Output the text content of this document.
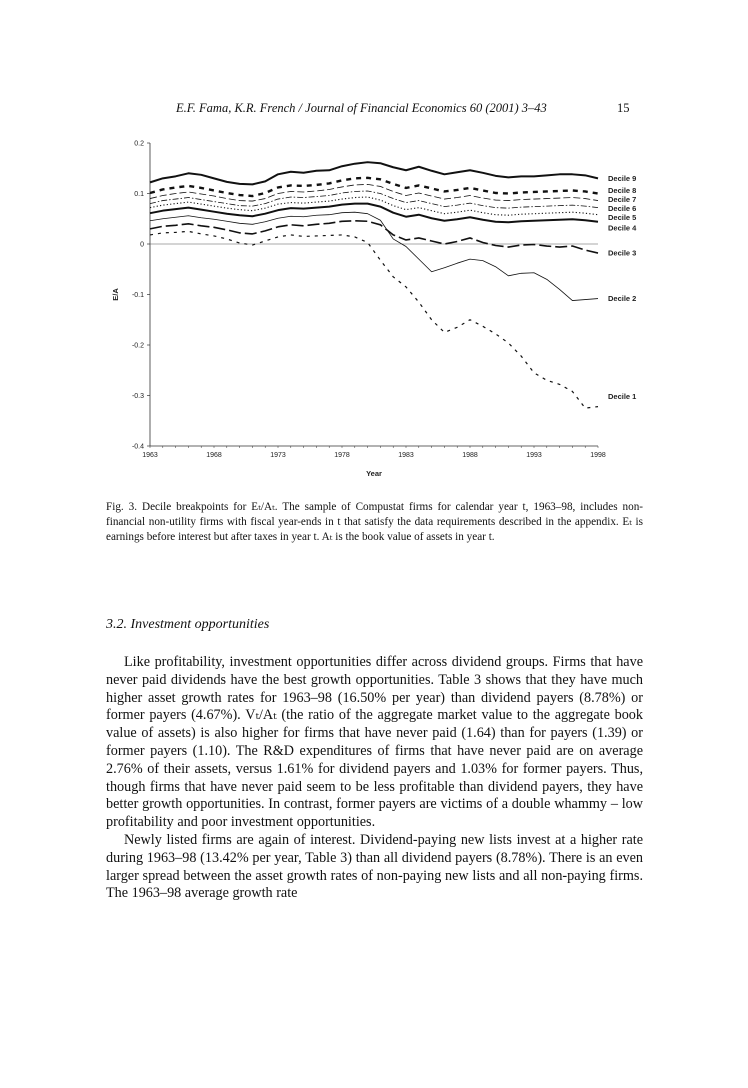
E.F. Fama, K.R. French / Journal of Financial Economics 60 (2001) 3–43	15
0.2
0.1
0
-0.1
-0.2
-0.3
-0.4
1963	1968	1973	1978	1983	1988	1993	1998
Year
E/A
Decile 9
Decile 8
Decile 7
Decile 6
Decile 5
Decile 4
Decile 3
Decile 2
Decile 1
Fig. 3. Decile breakpoints for Eₜ/Aₜ. The sample of Compustat firms for calendar year t, 1963–98, includes non-financial non-utility firms with fiscal year-ends in t that satisfy the data requirements described in the appendix. Eₜ is earnings before interest but after taxes in year t. Aₜ is the book value of assets in year t.
3.2. Investment opportunities

Like profitability, investment opportunities differ across dividend groups. Firms that have never paid dividends have the best growth opportunities. Table 3 shows that they have much higher asset growth rates for 1963–98 (16.50% per year) than dividend payers (8.78%) or former payers (4.67%). Vₜ/Aₜ (the ratio of the aggregate market value to the aggregate book value of assets) is also higher for firms that have never paid (1.64) than for payers (1.39) or former payers (1.10). The R&D expenditures of firms that have never paid are on average 2.76% of their assets, versus 1.61% for dividend payers and 1.03% for former payers. Thus, though firms that have never paid seem to be less profitable than dividend payers, they have better growth opportunities. In contrast, former payers are victims of a double whammy – low profitability and poor investment opportunities.

Newly listed firms are again of interest. Dividend-paying new lists invest at a higher rate during 1963–98 (13.42% per year, Table 3) than all dividend payers (8.78%). There is an even larger spread between the asset growth rates of non-paying new lists and all non-paying firms. The 1963–98 average growth rate
